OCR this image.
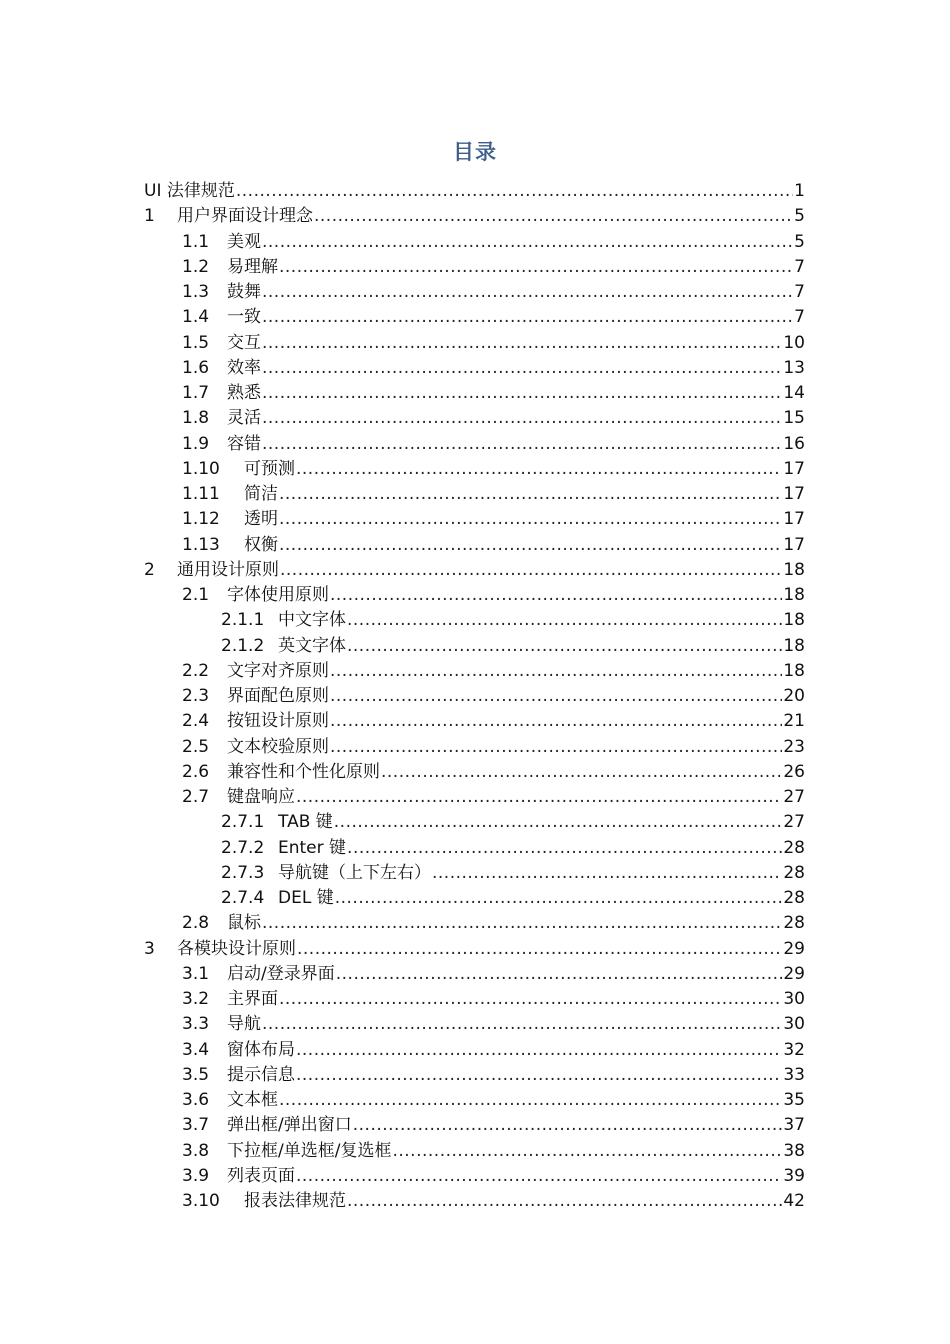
目录
UI 法律规范 .....	1
1	用户界面设计理念 .....	5
1.1	美观 .....	5
1.2	易理解 .....	7
1.3	鼓舞 .....	7
1.4	一致 .....	7
1.5	交互 .....	10
1.6	效率 .....	13
1.7	熟悉 .....	14
1.8	灵活 .....	15
1.9	容错 .....	16
1.10	可预测 .....	17
1.11	简洁 .....	17
1.12	透明 .....	17
1.13	权衡 .....	17
2	通用设计原则 .....	18
2.1	字体使用原则 .....	18
2.1.1 中文字体 .....	18
2.1.2 英文字体 .....	18
2.2	文字对齐原则 .....	18
2.3	界面配色原则 .....	20
2.4	按钮设计原则 .....	21
2.5	文本校验原则 .....	23
2.6	兼容性和个性化原则 .....	26
2.7	键盘响应 .....	27
2.7.1 TAB 键 .....	27
2.7.2 Enter 键 .....	28
2.7.3 导航键（上下左右） .....	28
2.7.4 DEL 键 .....	28
2.8	鼠标 .....	28
3	各模块设计原则 .....	29
3.1	启动/登录界面 .....	29
3.2	主界面 .....	30
3.3	导航 .....	30
3.4	窗体布局 .....	32
3.5	提示信息 .....	33
3.6	文本框 .....	35
3.7	弹出框/弹出窗口 .....	37
3.8	下拉框/单选框/复选框 .....	38
3.9	列表页面 .....	39
3.10	报表法律规范 .....	42
